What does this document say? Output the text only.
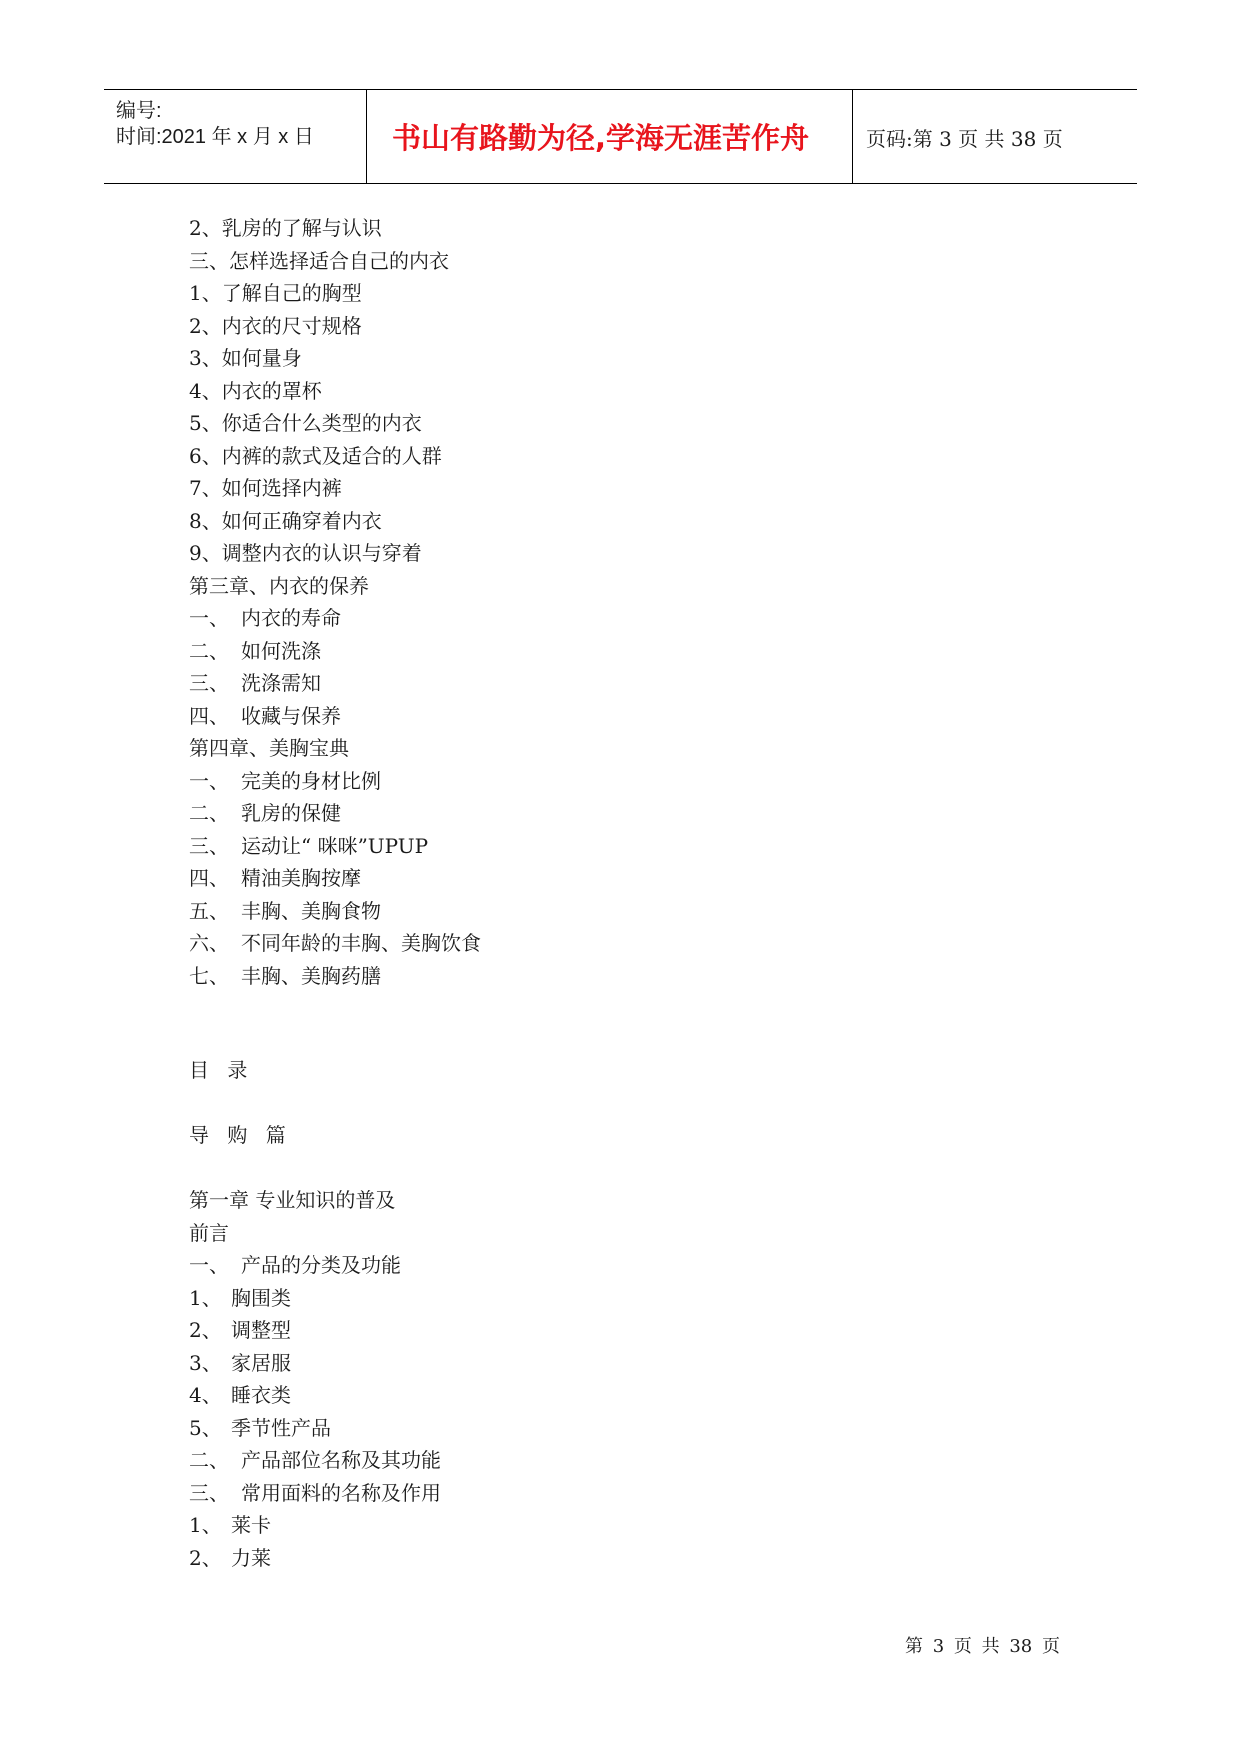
编号:
时间:2021 年 x 月 x 日	书山有路勤为径,学海无涯苦作舟	页码:第 3 页 共 38 页
2、乳房的了解与认识
三、怎样选择适合自己的内衣
1、了解自己的胸型
2、内衣的尺寸规格
3、如何量身
4、内衣的罩杯
5、你适合什么类型的内衣
6、内裤的款式及适合的人群
7、如何选择内裤
8、如何正确穿着内衣
9、调整内衣的认识与穿着
第三章、内衣的保养
一、 内衣的寿命
二、 如何洗涤
三、 洗涤需知
四、 收藏与保养
第四章、美胸宝典
一、 完美的身材比例
二、 乳房的保健
三、 运动让“ 咪咪”UPUP
四、 精油美胸按摩
五、 丰胸、美胸食物
六、 不同年龄的丰胸、美胸饮食
七、 丰胸、美胸药膳
目 录
导 购 篇
第一章 专业知识的普及
前言
一、 产品的分类及功能
1、 胸围类
2、 调整型
3、 家居服
4、 睡衣类
5、 季节性产品
二、 产品部位名称及其功能
三、 常用面料的名称及作用
1、 莱卡
2、 力莱
第 3 页 共 38 页
